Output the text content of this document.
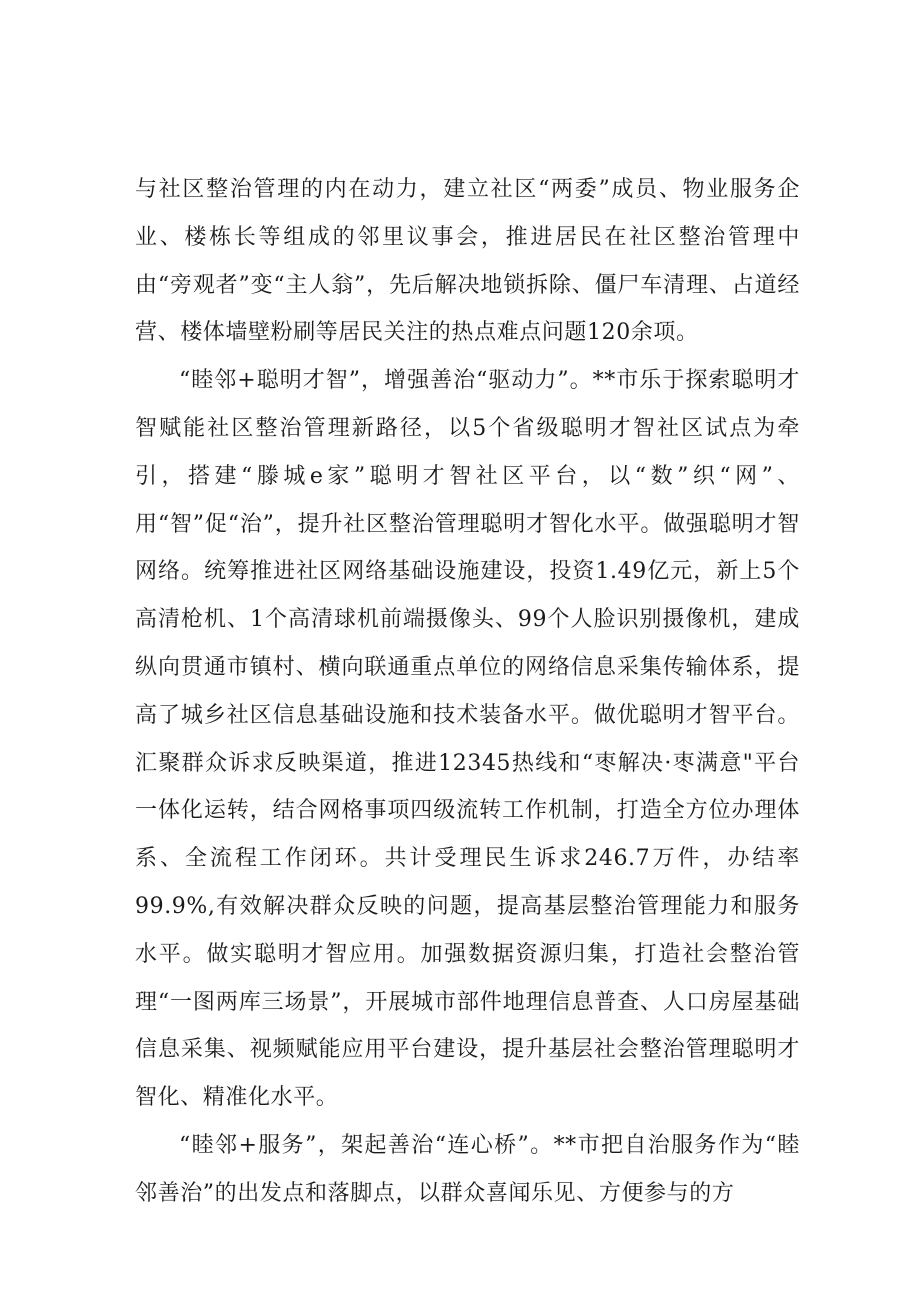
与社区整治管理的内在动力，建立社区“两委”成员、物业服务企业、楼栋长等组成的邻里议事会，推进居民在社区整治管理中由“旁观者”变“主人翁”，先后解决地锁拆除、僵尸车清理、占道经营、楼体墙壁粉刷等居民关注的热点难点问题120余项。

“睦邻+聪明才智”，增强善治“驱动力”。**市乐于探索聪明才智赋能社区整治管理新路径，以5个省级聪明才智社区试点为牵引，搭建“滕城e家”聪明才智社区平台，以“数”织“网”、用“智”促“治”，提升社区整治管理聪明才智化水平。做强聪明才智网络。统筹推进社区网络基础设施建设，投资1.49亿元，新上5个高清枪机、1个高清球机前端摄像头、99个人脸识别摄像机，建成纵向贯通市镇村、横向联通重点单位的网络信息采集传输体系，提高了城乡社区信息基础设施和技术装备水平。做优聪明才智平台。汇聚群众诉求反映渠道，推进12345热线和“枣解决·枣满意"平台一体化运转，结合网格事项四级流转工作机制，打造全方位办理体系、全流程工作闭环。共计受理民生诉求246.7万件，办结率99.9%,有效解决群众反映的问题，提高基层整治管理能力和服务水平。做实聪明才智应用。加强数据资源归集，打造社会整治管理“一图两库三场景”，开展城市部件地理信息普查、人口房屋基础信息采集、视频赋能应用平台建设，提升基层社会整治管理聪明才智化、精准化水平。

“睦邻+服务”，架起善治“连心桥”。**市把自治服务作为“睦邻善治”的出发点和落脚点，以群众喜闻乐见、方便参与的方
